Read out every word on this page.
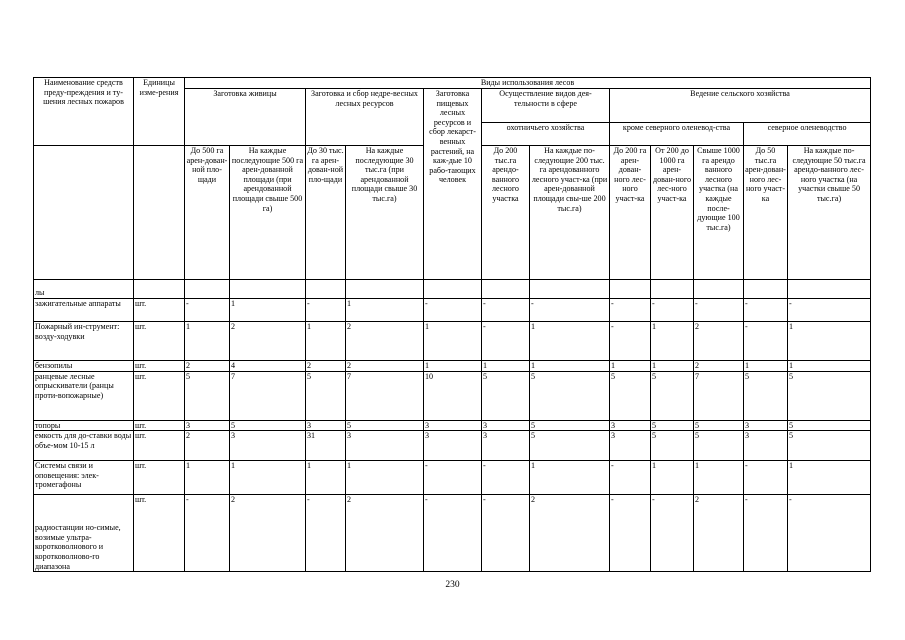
Наименование средств преду-преждения и ту-шения лесных пожаров	Единицы изме-рения	Виды использования лесов											
		Заготовка живицы		Заготовка и сбор недре-весных лесных ресурсов		Заготовка пищевых лесных ресурсов и сбор лекарст-венных растений, на каж-дые 10 рабо-тающих человек	Осуществление видов дея-тельности в сфере		Ведение сельского хозяйства				
							охотничьего хозяйства		кроме северного оленевод-ства			северное оленеводство	
		До 500 га арен-дован-ной пло-щади	На каждые последующие 500 га арен-дованной площади (при арендованной площади свыше 500 га)	До 30 тыс. га арен-дован-ной пло-щади	На каждые последующие 30 тыс.га (при арендованной площади свыше 30 тыс.га)		До 200 тыс.га арендо-ванного лесного участка	На каждые по-следующие 200 тыс. га арендованного лесного участ-ка (при арен-дованной площади свы-ше 200 тыс.га)	До 200 га арен-дован-ного лес-ного участ-ка	От 200 до 1000 га арен-дован-ного лес-ного участ-ка	Свыше 1000 га арендо ванного лесного участка (на каждые после-дующие 100 тыс.га)	До 50 тыс.га арен-дован-ного лес-ного участ-ка	На каждые по-следующие 50 тыс.га арендо-ванного лес-ного участка (на участки свыше 50 тыс.га)
лы													
зажигательные аппараты	шт.	-	1	-	1	-	-	-	-	-	-	-	-
Пожарный ин-струмент: возду-ходувки	шт.	1	2	1	2	1	-	1	-	1	2	-	1
бензопилы	шт.	2	4	2	2	1	1	1	1	1	2	1	1
ранцевые лесные опрыскиватели (ранцы проти-вопожарные)	шт.	5	7	5	7	10	5	5	5	5	7	5	5
топоры	шт.	3	5	3	5	3	3	5	3	5	5	3	5
емкость для до-ставки воды объе-мом 10-15 л	шт.	2	3	31	3	3	3	5	3	5	5	3	5
Системы связи и оповещения: элек-тромегафоны	шт.	1	1	1	1	-	-	1	-	1	1	-	1
радиостанции но-симые, возимые ультра-коротковолнового и коротковолново-го диапазона	шт.	-	2	-	2	-	-	2	-	-	2	-	-
230
